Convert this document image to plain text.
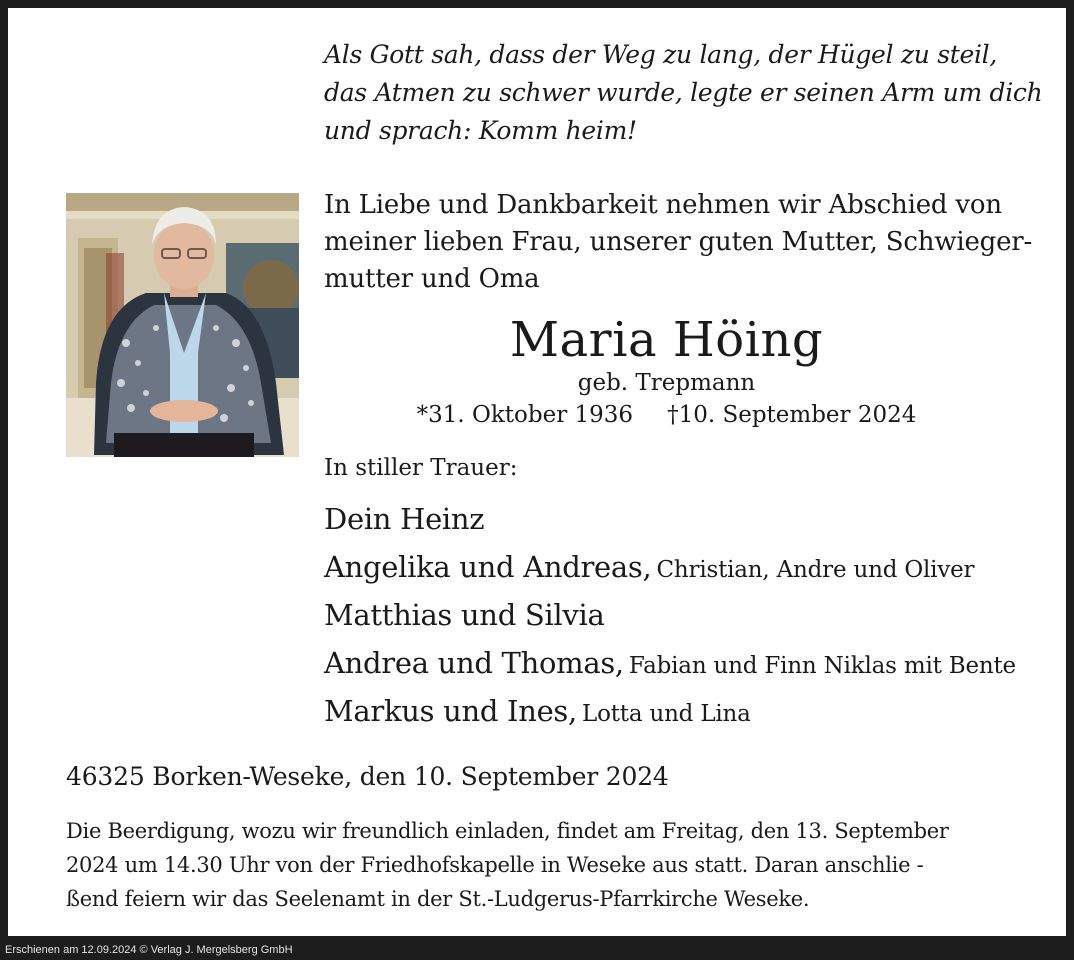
Als Gott sah, dass der Weg zu lang, der Hügel zu steil,
das Atmen zu schwer wurde, legte er seinen Arm um dich
und sprach: Komm heim!
In Liebe und Dankbarkeit nehmen wir Abschied von
meiner lieben Frau, unserer guten Mutter, Schwieger-
mutter und Oma
Maria Höing
geb. Trepmann
*31. Oktober 1936 †10. September 2024
In stiller Trauer:
Dein Heinz
Angelika und Andreas, Christian, Andre und Oliver
Matthias und Silvia
Andrea und Thomas, Fabian und Finn Niklas mit Bente
Markus und Ines, Lotta und Lina
46325 Borken-Weseke, den 10. September 2024
Die Beerdigung, wozu wir freundlich einladen, findet am Freitag, den 13. September
2024 um 14.30 Uhr von der Friedhofskapelle in Weseke aus statt. Daran anschlie -
ßend feiern wir das Seelenamt in der St.-Ludgerus-Pfarrkirche Weseke.
Erschienen am 12.09.2024 © Verlag J. Mergelsberg GmbH
